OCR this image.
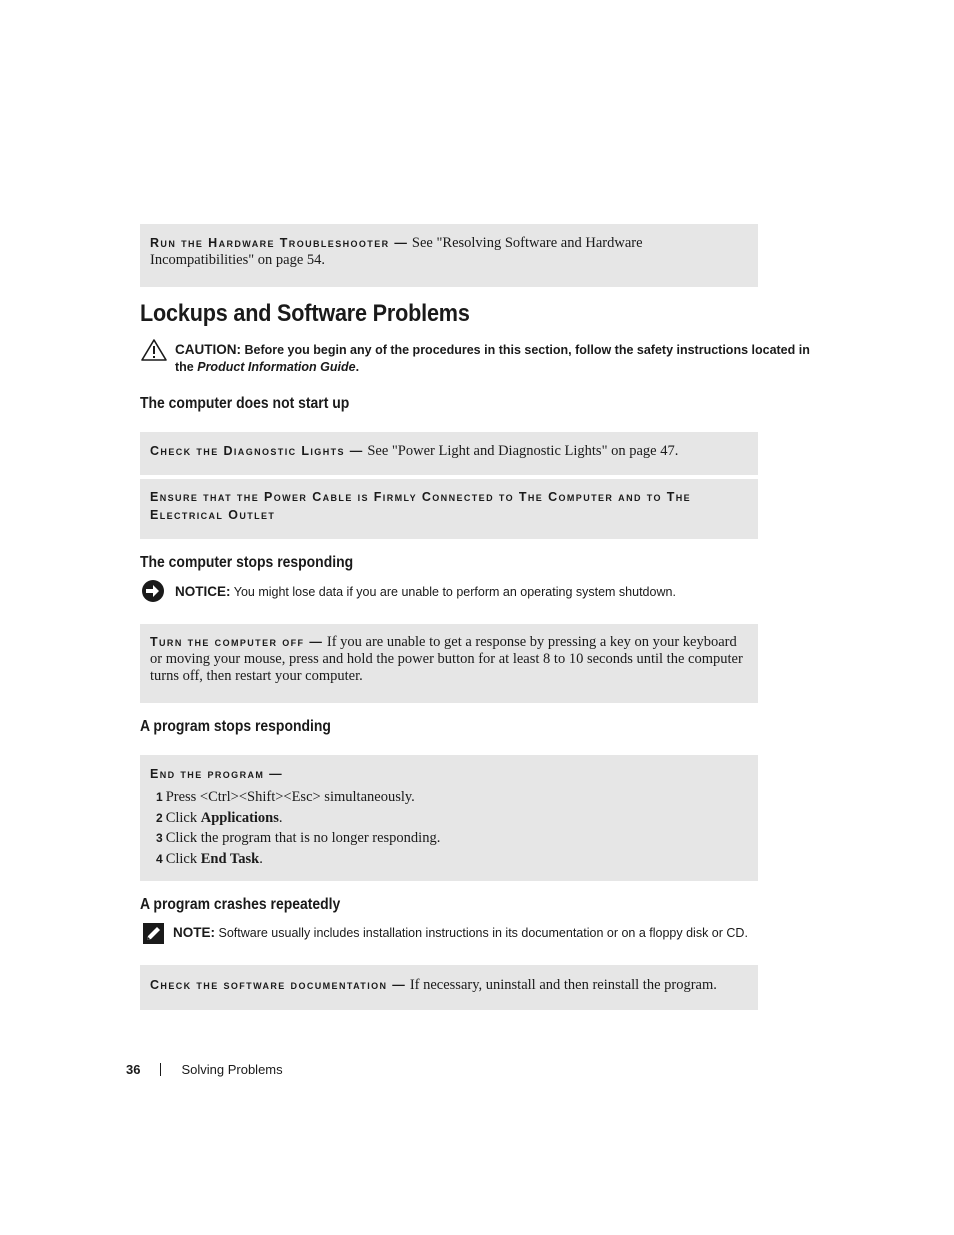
Run the Hardware Troubleshooter — See "Resolving Software and Hardware Incompatibilities" on page 54.

Lockups and Software Problems
CAUTION: Before you begin any of the procedures in this section, follow the safety instructions located in the Product Information Guide.
The computer does not start up

Check the Diagnostic Lights — See "Power Light and Diagnostic Lights" on page 47.

Ensure that the Power Cable is Firmly Connected to The Computer and to The Electrical Outlet

The computer stops responding
NOTICE: You might lose data if you are unable to perform an operating system shutdown.

Turn the computer off — If you are unable to get a response by pressing a key on your keyboard or moving your mouse, press and hold the power button for at least 8 to 10 seconds until the computer turns off, then restart your computer.

A program stops responding

End the program —

1 Press <Ctrl><Shift><Esc> simultaneously.
2 Click Applications.
3 Click the program that is no longer responding.
4 Click End Task.
A program crashes repeatedly
NOTE: Software usually includes installation instructions in its documentation or on a floppy disk or CD.

Check the software documentation — If necessary, uninstall and then reinstall the program.

36	Solving Problems
